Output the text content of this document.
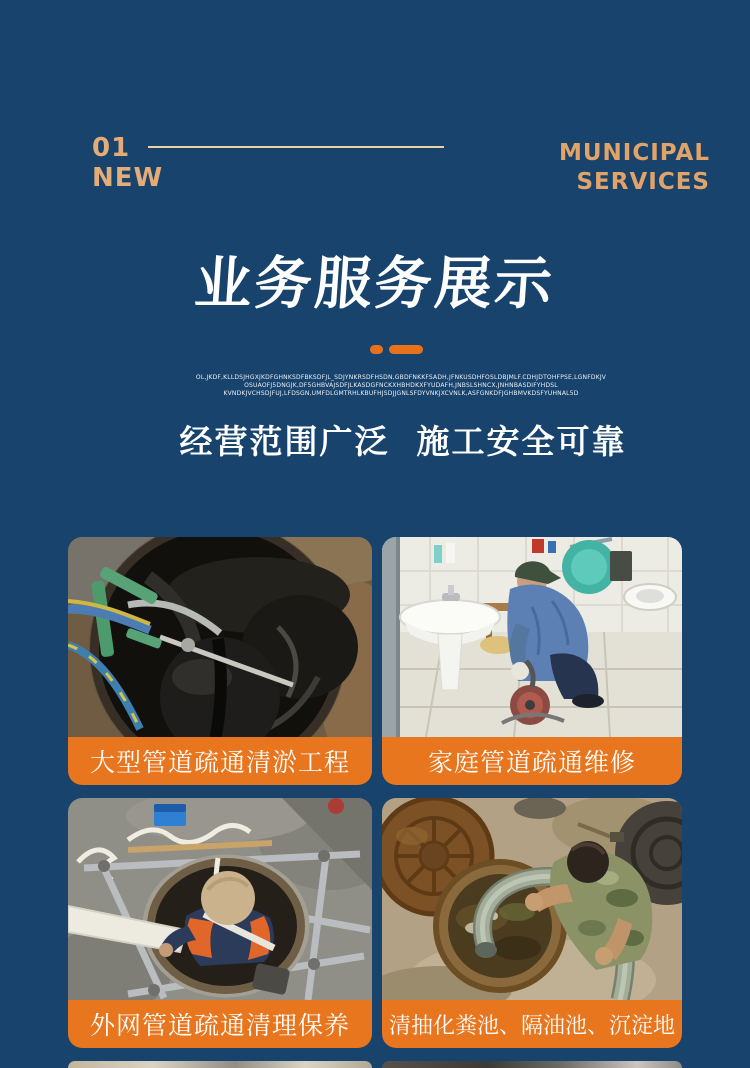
01
NEW
MUNICIPAL
SERVICES
业务服务展示
OL,JKDF,KLLDSJHGXJKDFGHNKSDFBKSDFJL_SDJYNKRSDFHSDN,GBDFNKKFSADH,JFNKUSDHFOSLDBJMLF.CDHJDTOHFPSE,LGNFDKJV
OSUAOFJ5DNGJK,DF5GHBVAJSDFJLKASDGFNCKXHBHDKXFYUDAFH,JNBSLSHNCX,JNHNBASDIFYHDSL
KVNDKJVCHSDJFUJ,LFDSGN,UMFDLGMTRHLKBUFHJSDJJGNLSFDYVNKJXCVNLK,ASFGNKDFJGHBMVKDSFYUHNAL5D
经营范围广泛  施工安全可靠
大型管道疏通清淤工程	家庭管道疏通维修
外网管道疏通清理保养	清抽化粪池、隔油池、沉淀地
